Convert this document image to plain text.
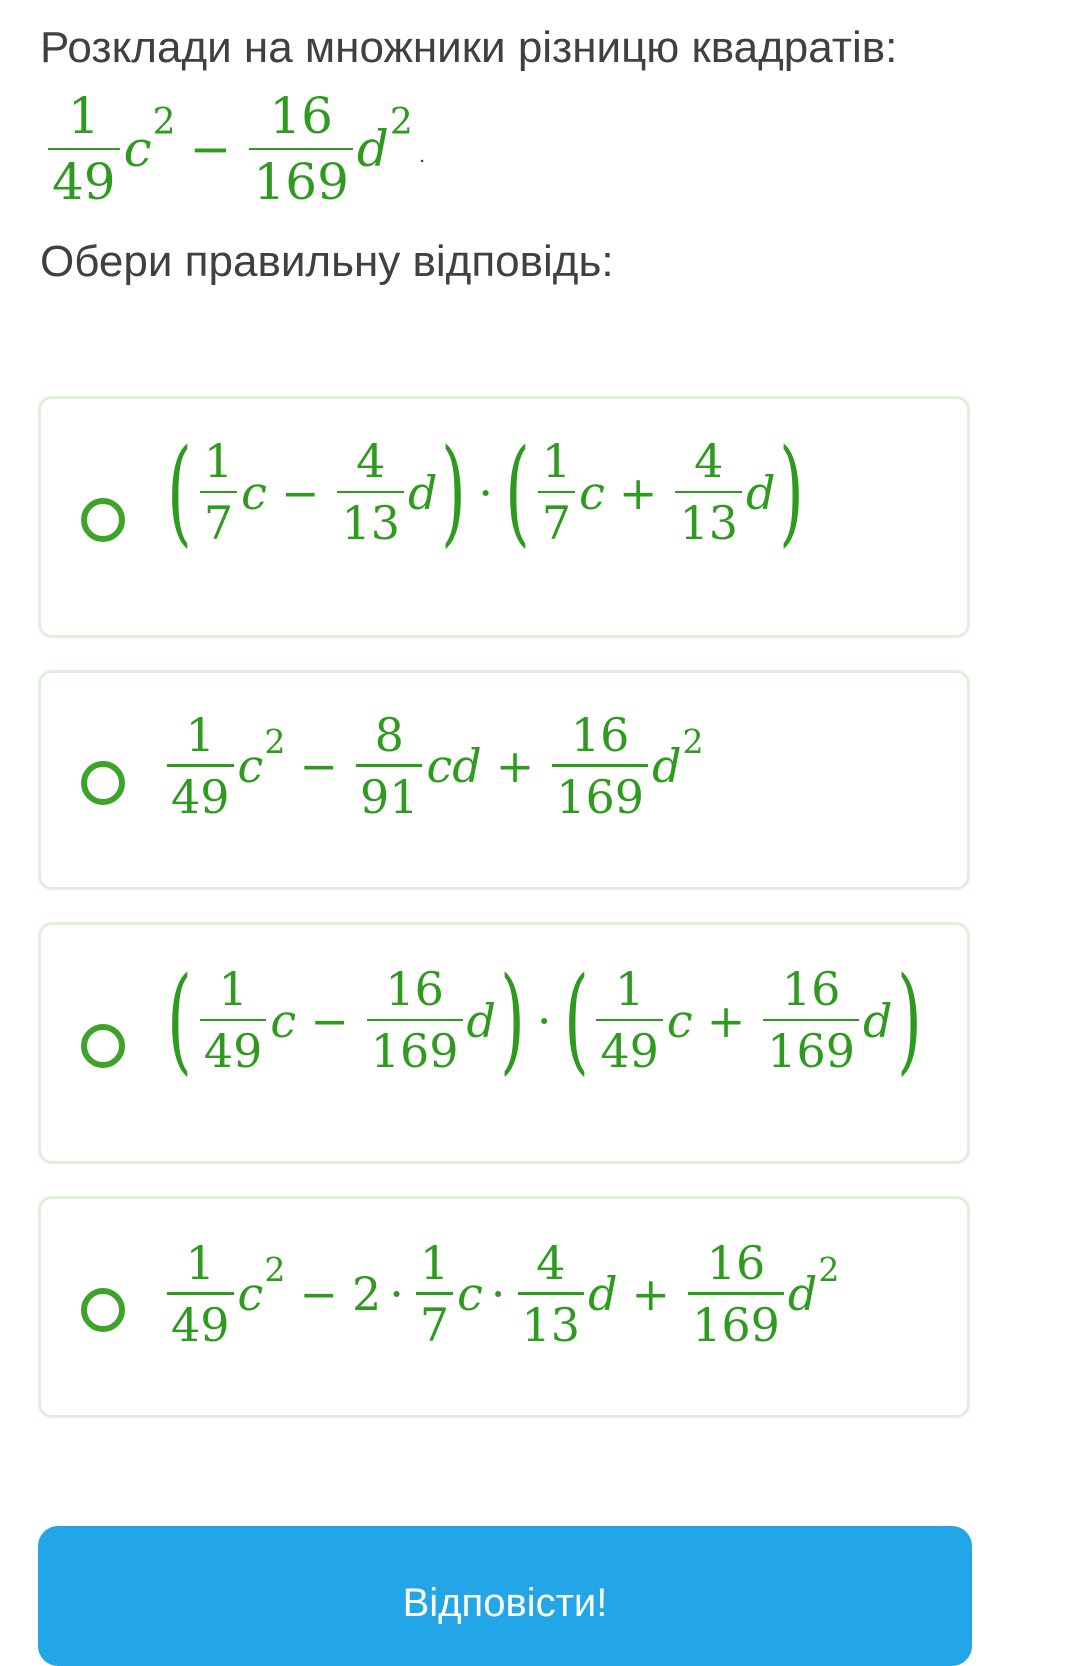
Розклади на множники різницю квадратів:
$\frac{1}{49}$ c $2 - \frac{16}{169}$ d 2
.
Обери правильну відповідь:
( $\frac{1}{7}$ $c - \frac{4}{13}$ d ) · ( $\frac{1}{7}$ $c + \frac{4}{13}$ d )
$\frac{1}{49}$ c $2 - \frac{8}{91}$ cd + $\frac{16}{169}$ d 2
( $\frac{1}{49}$ $c - \frac{16}{169}$ d ) · ( $\frac{1}{49}$ $c + \frac{16}{169}$ d )
$\frac{1}{49}$ c $2 - 2 \cdot \frac{1}{7}$ $c \cdot \frac{4}{13}$ $d + \frac{16}{169}$ d 2
Відповісти!
